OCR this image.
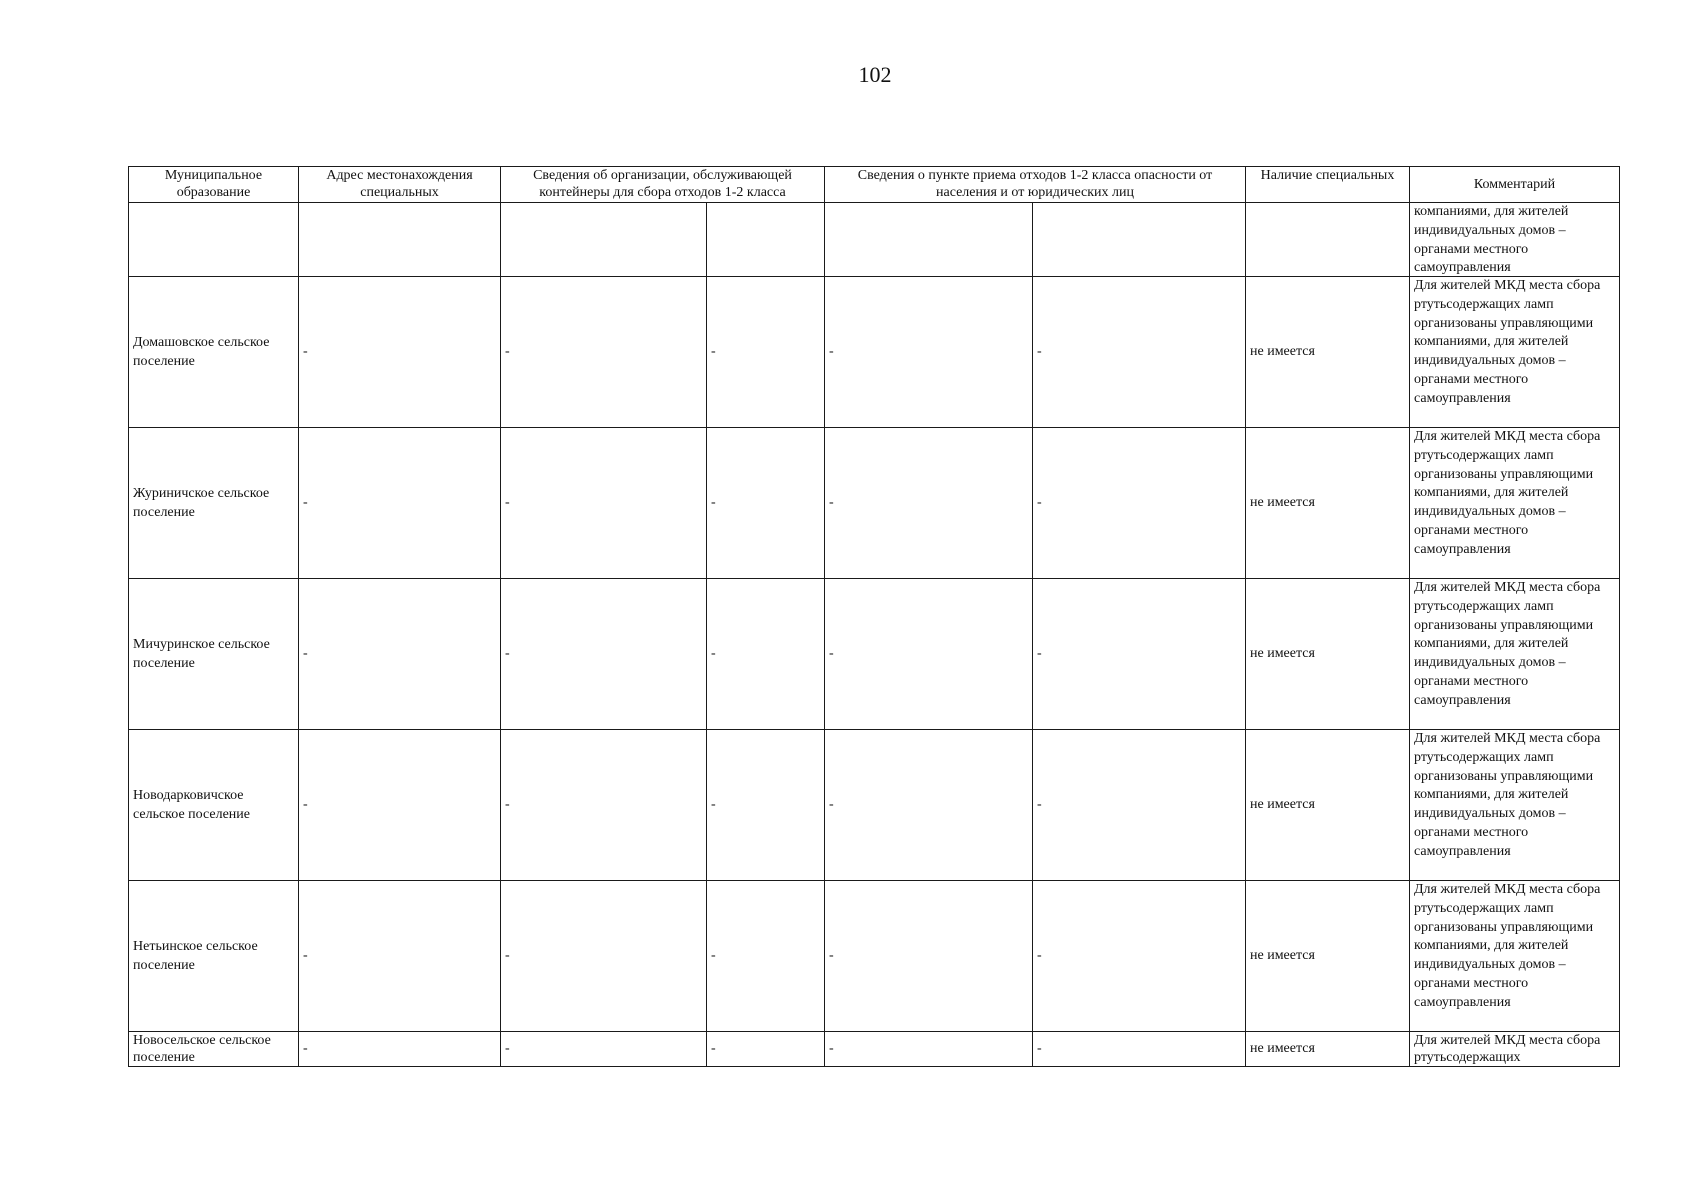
102
Муниципальное образование	Адрес местонахождения специальных	Сведения об организации, обслуживающей контейнеры для сбора отходов 1-2 класса		Сведения о пункте приема отходов 1-2 класса опасности от населения и от юридических лиц		Наличие специальных	Комментарий

							компаниями, для жителей индивидуальных домов – органами местного самоуправления

Домашовское сельское поселение	-	-	-	-	-	не имеется	Для жителей МКД места сбора ртутьсодержащих ламп организованы управляющими компаниями, для жителей индивидуальных домов – органами местного самоуправления

Журиничское сельское поселение	-	-	-	-	-	не имеется	Для жителей МКД места сбора ртутьсодержащих ламп организованы управляющими компаниями, для жителей индивидуальных домов – органами местного самоуправления

Мичуринское сельское поселение	-	-	-	-	-	не имеется	Для жителей МКД места сбора ртутьсодержащих ламп организованы управляющими компаниями, для жителей индивидуальных домов – органами местного самоуправления

Новодарковичское сельское поселение	-	-	-	-	-	не имеется	Для жителей МКД места сбора ртутьсодержащих ламп организованы управляющими компаниями, для жителей индивидуальных домов – органами местного самоуправления

Нетьинское сельское поселение	-	-	-	-	-	не имеется	Для жителей МКД места сбора ртутьсодержащих ламп организованы управляющими компаниями, для жителей индивидуальных домов – органами местного самоуправления

Новосельское сельское поселение	-	-	-	-	-	не имеется	Для жителей МКД места сбора ртутьсодержащих
